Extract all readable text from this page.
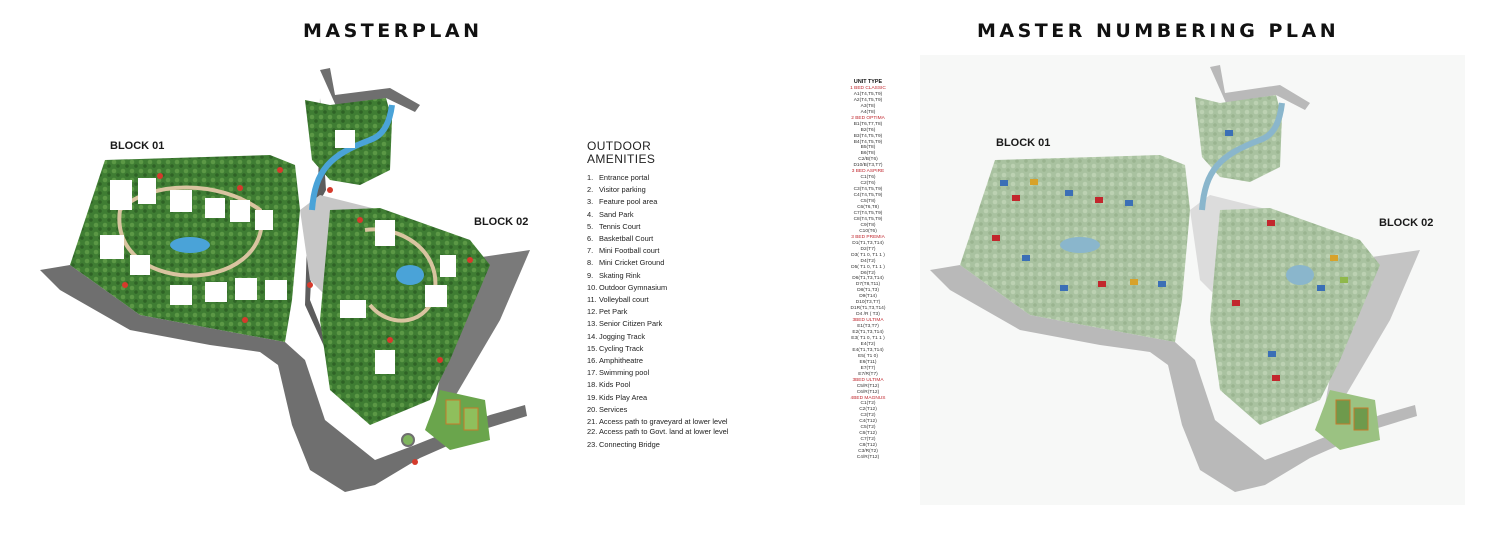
MASTERPLAN	MASTER NUMBERING PLAN
BLOCK 01
BLOCK 02
OUTDOOR
AMENITIES
1. Entrance portal
2. Visitor parking
3. Feature pool area
4. Sand Park
5. Tennis Court
6. Basketball Court
7. Mini Football court
8. Mini Cricket Ground
9. Skating Rink
10. Outdoor Gymnasium
11. Volleyball court
12. Pet Park
13. Senior Citizen Park
14. Jogging Track
15. Cycling Track
16. Amphitheatre
17. Swimming pool
18. Kids Pool
19. Kids Play Area
20. Services
21. Access path to graveyard at lower level
22. Access path to Govt. land at lower level
23. Connecting Bridge
UNIT TYPE
1 BED CLASSIC
A1(T4,T5,T9)
A2(T4,T5,T9)
A3(T8)
A4(T8)
2 BED OPTIMA
B1(T6,T7,T8)
B2(T6)
B3(T4,T5,T9)
B4(T4,T5,T9)
B5(T8)
B6(T8)
C2/B(T6)
D10/B(T3,T7)
3 BED ASPIRE
C1(T6)
C2(T6)
C3(T4,T5,T9)
C4(T4,T5,T9)
C5(T8)
C6(T6,T8)
C7(T4,T5,T9)
C8(T4,T5,T9)
C9(T8)
C10(T6)
3 BED PREMIA
D1(T1,T3,T14)
D2(T7)
D3( T1 0, T1 1 )
D4(T2)
D5( T1 0, T1 1 )
D6(T2)
D6(T1,T3,T14)
D7(T8,T11)
D8(T1,T3)
D9(T14)
D10(T3,T7)
D1R(T1,T3,T14)
D4 /R ( T3)
3BED ULTIMA
E1(T3,T7)
E2(T1,T3,T14)
E3( T1 0, T1 1 )
E4(T2)
E4(T1,T3,T14)
E5( T1 0)
E6(T11)
E7(T7)
E7/R(T7)
3BED ULTIMA
C5/R(T12)
C6/R(T12)
4BED MAGNUS
C1(T2)
C2(T12)
C3(T2)
C4(T12)
C5(T2)
C6(T12)
C7(T2)
C8(T12)
C3/R(T2)
C4/R(T12)
BLOCK 01
BLOCK 02
